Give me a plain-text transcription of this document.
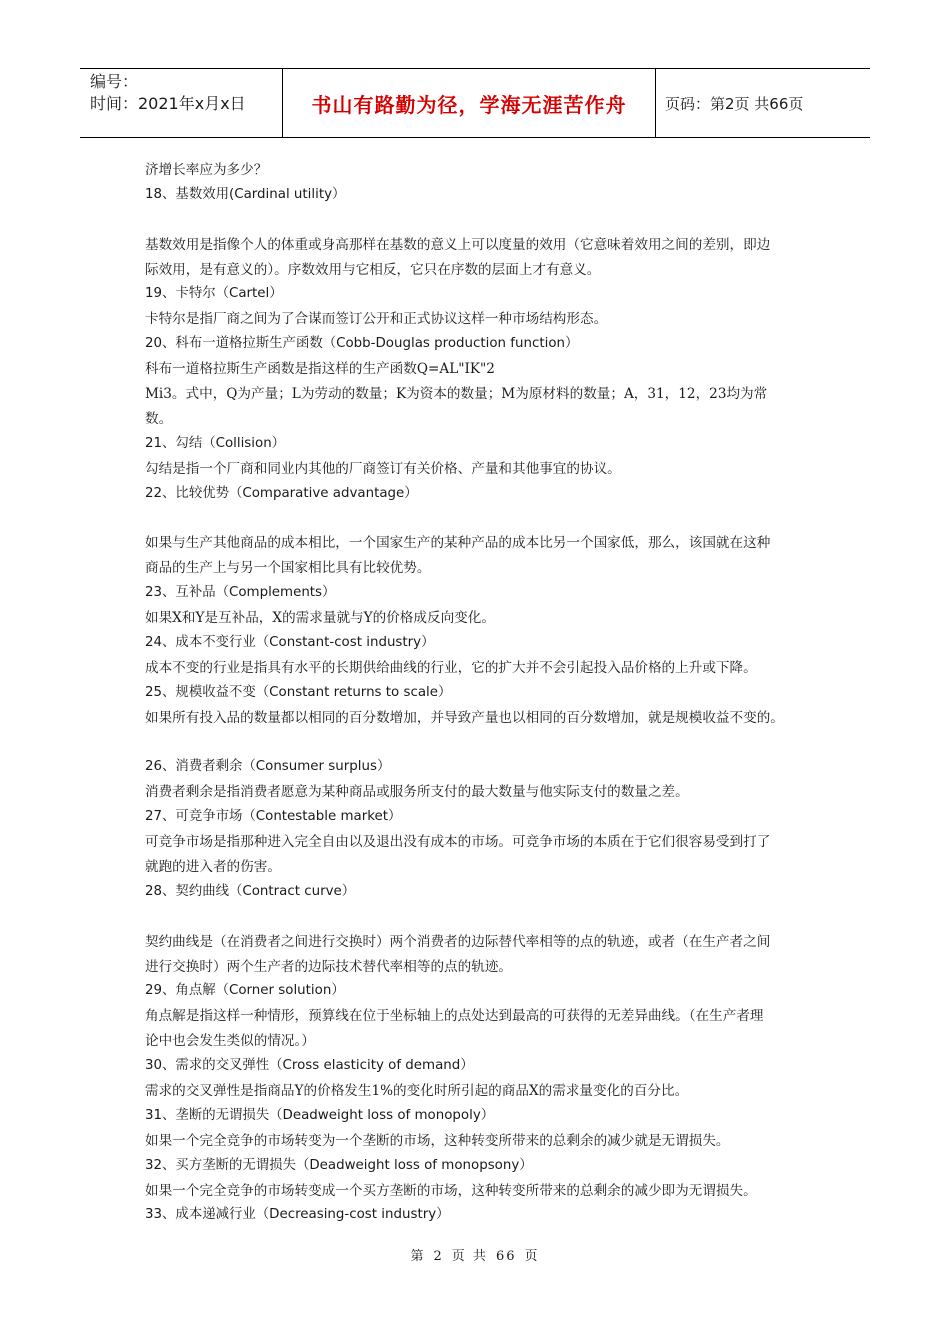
编号：
时间：2021年x月x日	书山有路勤为径，学海无涯苦作舟	页码：第2页 共66页
济增长率应为多少？
18、基数效用(Cardinal utility）
基数效用是指像个人的体重或身高那样在基数的意义上可以度量的效用（它意味着效用之间的差别，即边
际效用，是有意义的）。序数效用与它相反，它只在序数的层面上才有意义。
19、卡特尔（Cartel）
卡特尔是指厂商之间为了合谋而签订公开和正式协议这样一种市场结构形态。
20、科布一道格拉斯生产函数（Cobb-Douglas production function）
科布一道格拉斯生产函数是指这样的生产函数Q=AL"IK"2
Mi3。式中，Q为产量；L为劳动的数量；K为资本的数量；M为原材料的数量；A，31，12，23均为常
数。
21、勾结（Collision）
勾结是指一个厂商和同业内其他的厂商签订有关价格、产量和其他事宜的协议。
22、比较优势（Comparative advantage）
如果与生产其他商品的成本相比，一个国家生产的某种产品的成本比另一个国家低，那么，该国就在这种
商品的生产上与另一个国家相比具有比较优势。
23、互补品（Complements）
如果X和Y是互补品，X的需求量就与Y的价格成反向变化。
24、成本不变行业（Constant-cost industry）
成本不变的行业是指具有水平的长期供给曲线的行业，它的扩大并不会引起投入品价格的上升或下降。
25、规模收益不变（Constant returns to scale）
如果所有投入品的数量都以相同的百分数增加，并导致产量也以相同的百分数增加，就是规模收益不变的。
26、消费者剩余（Consumer surplus）
消费者剩余是指消费者愿意为某种商品或服务所支付的最大数量与他实际支付的数量之差。
27、可竞争市场（Contestable market）
可竞争市场是指那种进入完全自由以及退出没有成本的市场。可竞争市场的本质在于它们很容易受到打了
就跑的进入者的伤害。
28、契约曲线（Contract curve）
契约曲线是（在消费者之间进行交换时）两个消费者的边际替代率相等的点的轨迹，或者（在生产者之间
进行交换时）两个生产者的边际技术替代率相等的点的轨迹。
29、角点解（Corner solution）
角点解是指这样一种情形，预算线在位于坐标轴上的点处达到最高的可获得的无差异曲线。（在生产者理
论中也会发生类似的情况。）
30、需求的交叉弹性（Cross elasticity of demand）
需求的交叉弹性是指商品Y的价格发生1%的变化时所引起的商品X的需求量变化的百分比。
31、垄断的无谓损失（Deadweight loss of monopoly）
如果一个完全竞争的市场转变为一个垄断的市场，这种转变所带来的总剩余的减少就是无谓损失。
32、买方垄断的无谓损失（Deadweight loss of monopsony）
如果一个完全竞争的市场转变成一个买方垄断的市场，这种转变所带来的总剩余的减少即为无谓损失。
33、成本递减行业（Decreasing-cost industry）
第 2 页 共 66 页
